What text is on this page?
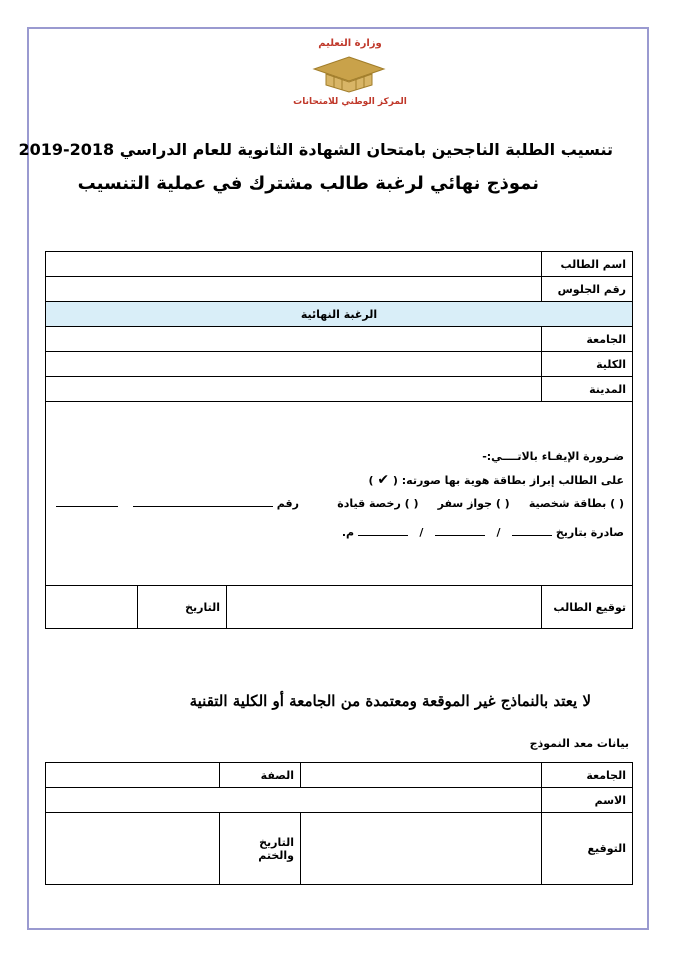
وزارة التعليم
المركز الوطني للامتحانات
تنسيب الطلبة الناجحين بامتحان الشهادة الثانوية للعام الدراسي 2018-2019
نموذج نهائي لرغبة طالب مشترك في عملية التنسيب
			اسم الطالب
			رقم الجلوس
الرغبة النهائية			
			الجامعة
			الكلية
			المدينة

ضـرورة الإيفـاء بالاتــــي:-
على الطالب إبراز بطاقة هوية بها صورته: ( ✔ )
( ) بطاقة شخصية     ( ) جواز سفر     ( ) رخصة قيادة          رقم
صادرة بتاريخ    /      /    م.			

	التاريخ		توقيع الطالب
لا يعتد بالنماذج غير الموقعة ومعتمدة من الجامعة أو الكلية التقنية
بيانات معد النموذج
	الصفة		الجامعة
			الاسم
	التاريخ والختم		التوقيع
